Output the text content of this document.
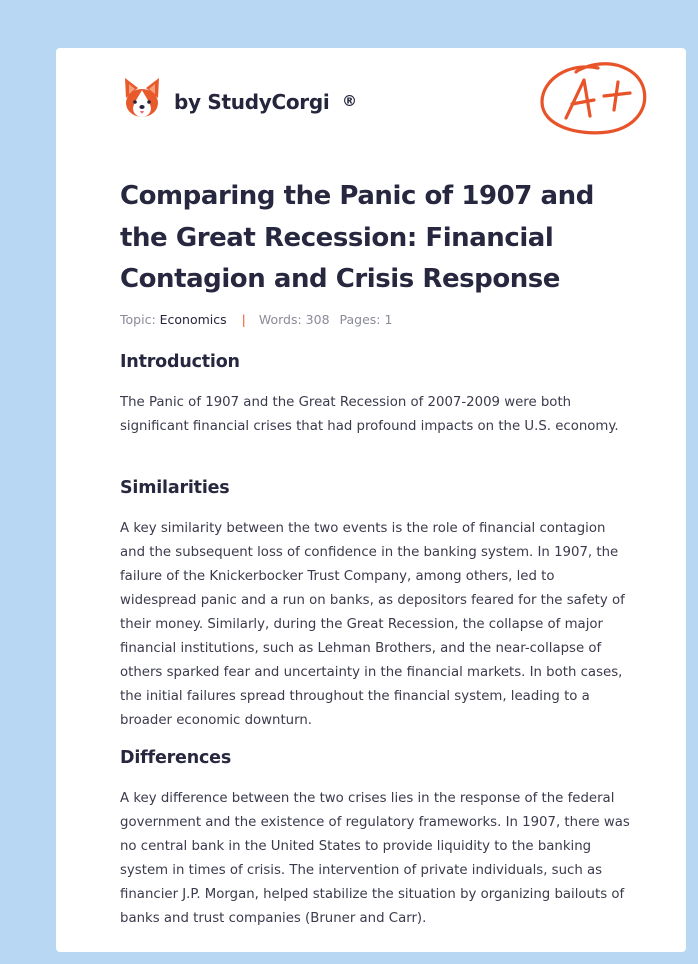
by StudyCorgi ®
Comparing the Panic of 1907 and the Great Recession: Financial Contagion and Crisis Response
Topic: Economics | Words: 308 Pages: 1
Introduction

The Panic of 1907 and the Great Recession of 2007-2009 were both significant financial crises that had profound impacts on the U.S. economy.

Similarities

A key similarity between the two events is the role of financial contagion and the subsequent loss of confidence in the banking system. In 1907, the failure of the Knickerbocker Trust Company, among others, led to widespread panic and a run on banks, as depositors feared for the safety of their money. Similarly, during the Great Recession, the collapse of major financial institutions, such as Lehman Brothers, and the near-collapse of others sparked fear and uncertainty in the financial markets. In both cases, the initial failures spread throughout the financial system, leading to a broader economic downturn.

Differences

A key difference between the two crises lies in the response of the federal government and the existence of regulatory frameworks. In 1907, there was no central bank in the United States to provide liquidity to the banking system in times of crisis. The intervention of private individuals, such as financier J.P. Morgan, helped stabilize the situation by organizing bailouts of banks and trust companies (Bruner and Carr).
